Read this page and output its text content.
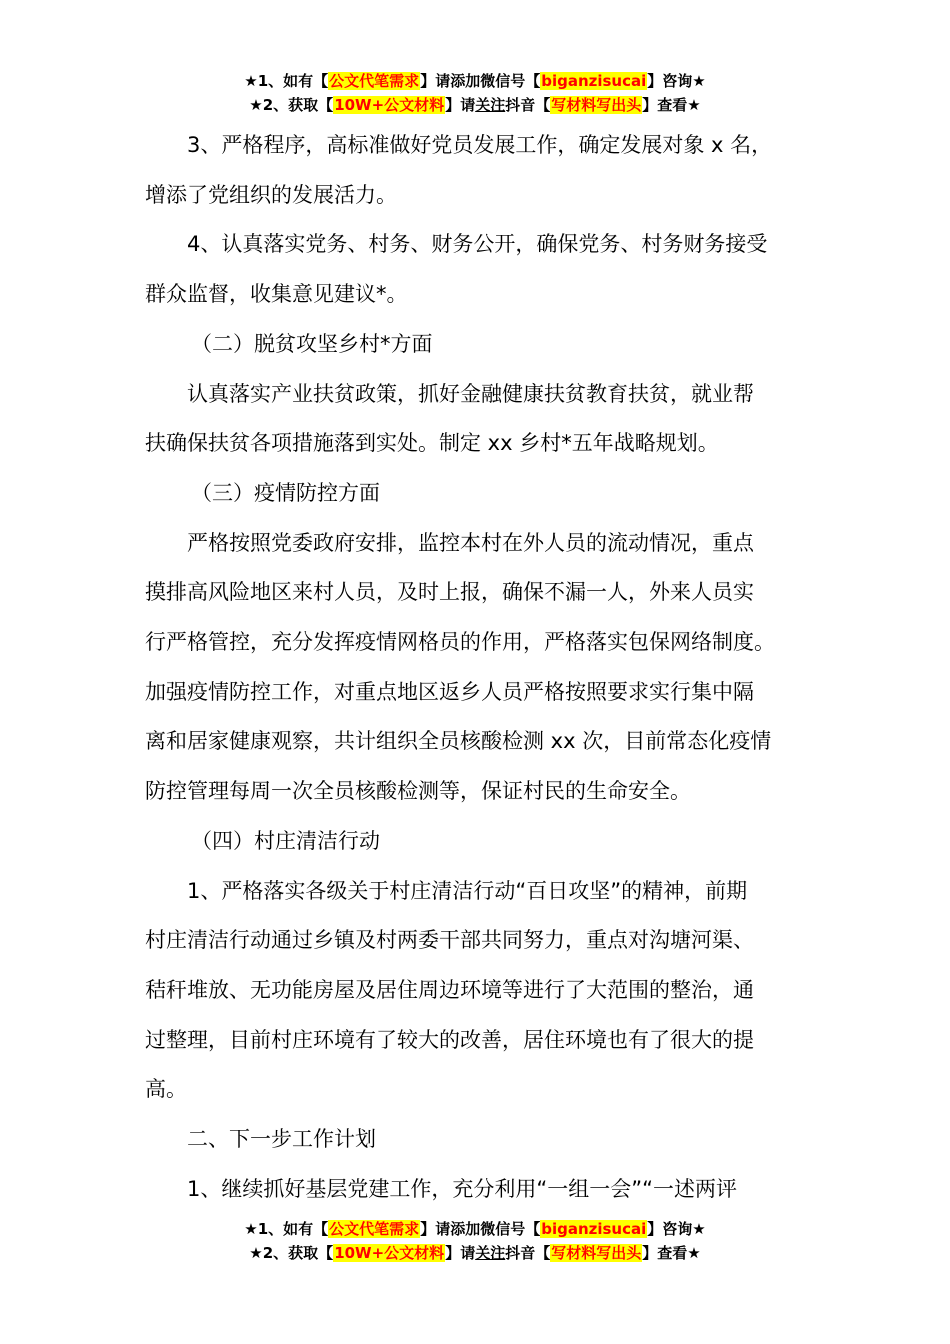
★1、如有【公文代笔需求】请添加微信号【biganzisucai】咨询★
★2、获取【10W+公文材料】请关注抖音【写材料写出头】查看★

3、严格程序，高标准做好党员发展工作，确定发展对象 x 名，

增添了党组织的发展活力。

4、认真落实党务、村务、财务公开，确保党务、村务财务接受

群众监督，收集意见建议*。

（二）脱贫攻坚乡村*方面

认真落实产业扶贫政策，抓好金融健康扶贫教育扶贫，就业帮

扶确保扶贫各项措施落到实处。制定 xx 乡村*五年战略规划。

（三）疫情防控方面

严格按照党委政府安排，监控本村在外人员的流动情况，重点

摸排高风险地区来村人员，及时上报，确保不漏一人，外来人员实

行严格管控，充分发挥疫情网格员的作用，严格落实包保网络制度。

加强疫情防控工作，对重点地区返乡人员严格按照要求实行集中隔

离和居家健康观察，共计组织全员核酸检测 xx 次，目前常态化疫情

防控管理每周一次全员核酸检测等，保证村民的生命安全。

（四）村庄清洁行动

1、严格落实各级关于村庄清洁行动“百日攻坚”的精神，前期

村庄清洁行动通过乡镇及村两委干部共同努力，重点对沟塘河渠、

秸秆堆放、无功能房屋及居住周边环境等进行了大范围的整治，通

过整理，目前村庄环境有了较大的改善，居住环境也有了很大的提

高。

二、下一步工作计划

1、继续抓好基层党建工作，充分利用“一组一会”“一述两评

★1、如有【公文代笔需求】请添加微信号【biganzisucai】咨询★
★2、获取【10W+公文材料】请关注抖音【写材料写出头】查看★
